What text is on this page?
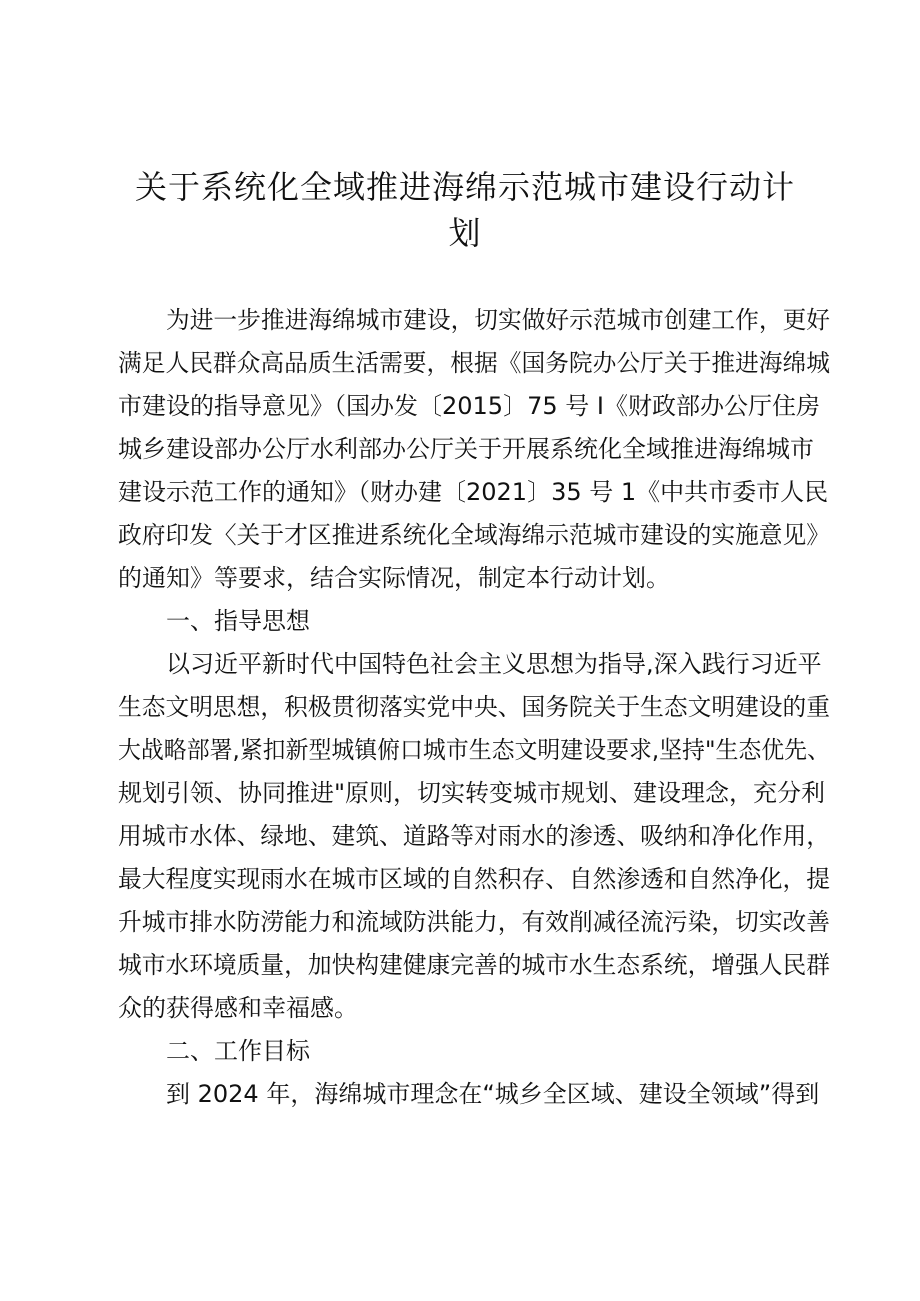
关于系统化全域推进海绵示范城市建设行动计
划
为进一步推进海绵城市建设，切实做好示范城市创建工作，更好
满足人民群众高品质生活需要，根据《国务院办公厅关于推进海绵城
市建设的指导意见》（国办发〔2015〕75 号 I《财政部办公厅住房
城乡建设部办公厅水利部办公厅关于开展系统化全域推进海绵城市
建设示范工作的通知》（财办建〔2021〕35 号 1《中共市委市人民
政府印发〈关于才区推进系统化全域海绵示范城市建设的实施意见》
的通知》等要求，结合实际情况，制定本行动计划。
一、指导思想
以习近平新时代中国特色社会主义思想为指导,深入践行习近平
生态文明思想，积极贯彻落实党中央、国务院关于生态文明建设的重
大战略部署,紧扣新型城镇俯口城市生态文明建设要求,坚持"生态优先、
规划引领、协同推进"原则，切实转变城市规划、建设理念，充分利
用城市水体、绿地、建筑、道路等对雨水的渗透、吸纳和净化作用，
最大程度实现雨水在城市区域的自然积存、自然渗透和自然净化，提
升城市排水防涝能力和流域防洪能力，有效削减径流污染，切实改善
城市水环境质量，加快构建健康完善的城市水生态系统，增强人民群
众的获得感和幸福感。
二、工作目标
到 2024 年，海绵城市理念在“城乡全区域、建设全领域”得到
